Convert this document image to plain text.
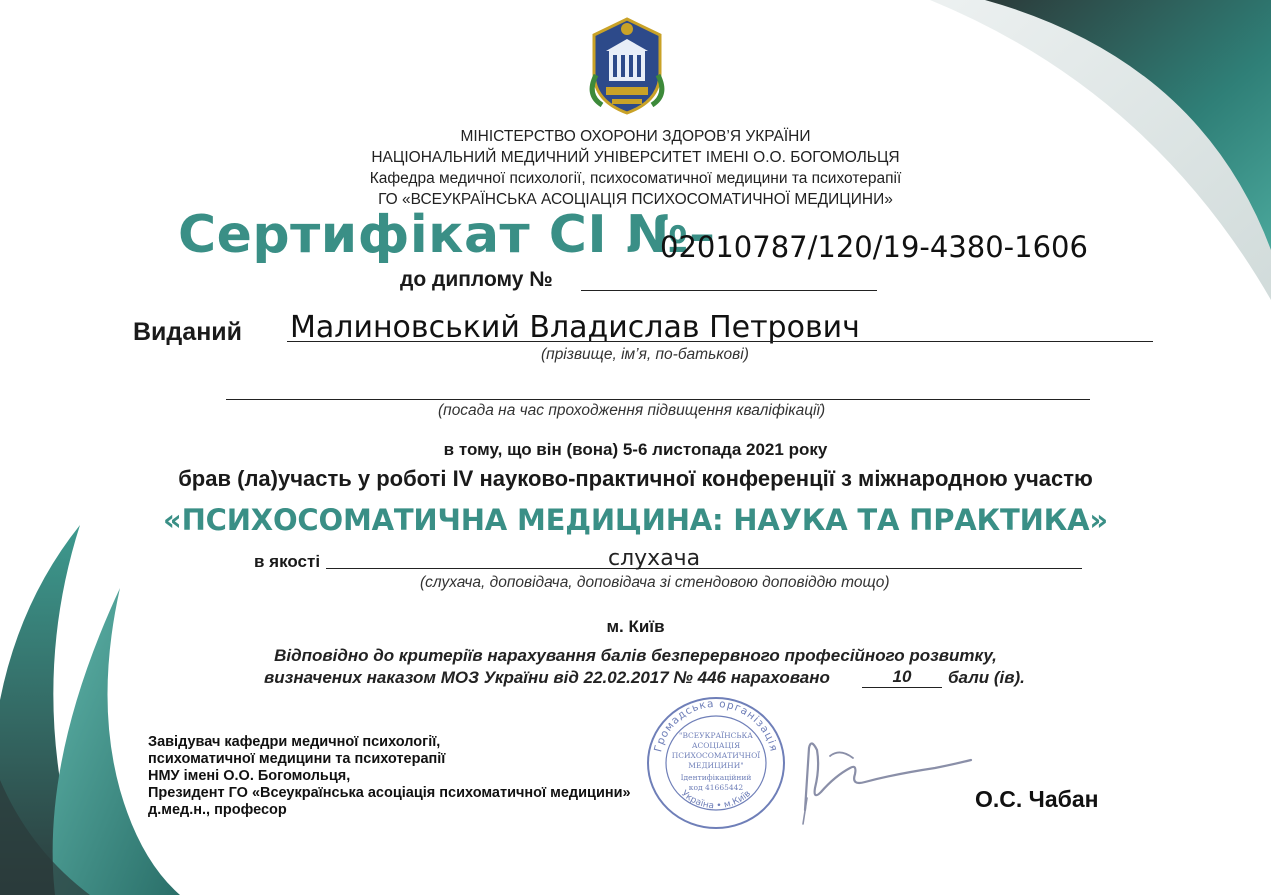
МІНІСТЕРСТВО ОХОРОНИ ЗДОРОВ’Я УКРАЇНИ
НАЦІОНАЛЬНИЙ МЕДИЧНИЙ УНІВЕРСИТЕТ ІМЕНІ О.О. БОГОМОЛЬЦЯ
Кафедра медичної психології, психосоматичної медицини та психотерапії
ГО «ВСЕУКРАЇНСЬКА АСОЦІАЦІЯ ПСИХОСОМАТИЧНОЇ МЕДИЦИНИ»
Сертифікат СІ №–
02010787/120/19-4380-1606
до диплому №
Виданий Малиновський Владислав Петрович
(прізвище, ім’я, по-батькові)
(посада на час проходження підвищення кваліфікації)
в тому, що він (вона) 5-6 листопада 2021 року
брав (ла)участь у роботі IV науково-практичної конференції з міжнародною участю
«ПСИХОСОМАТИЧНА МЕДИЦИНА: НАУКА ТА ПРАКТИКА»
в якості	слухача
(слухача, доповідача, доповідача зі стендовою доповіддю тощо)
м. Київ
Відповідно до критеріїв нарахування балів безперервного професійного розвитку,
визначених наказом МОЗ України від 22.02.2017 № 446 нараховано	10	бали (ів).
Завідувач кафедри медичної психології,
психоматичної медицини та психотерапії
НМУ імені О.О. Богомольця,
Президент ГО «Всеукраїнська асоціація психоматичної медицини»
д.мед.н., професор
Громадська організація
Україна • м.Київ
"ВСЕУКРАЇНСЬКА
АСОЦІАЦІЯ
ПСИХОСОМАТИЧНОЇ
МЕДИЦИНИ"
Ідентифікаційний
код 41665442	О.С. Чабан
